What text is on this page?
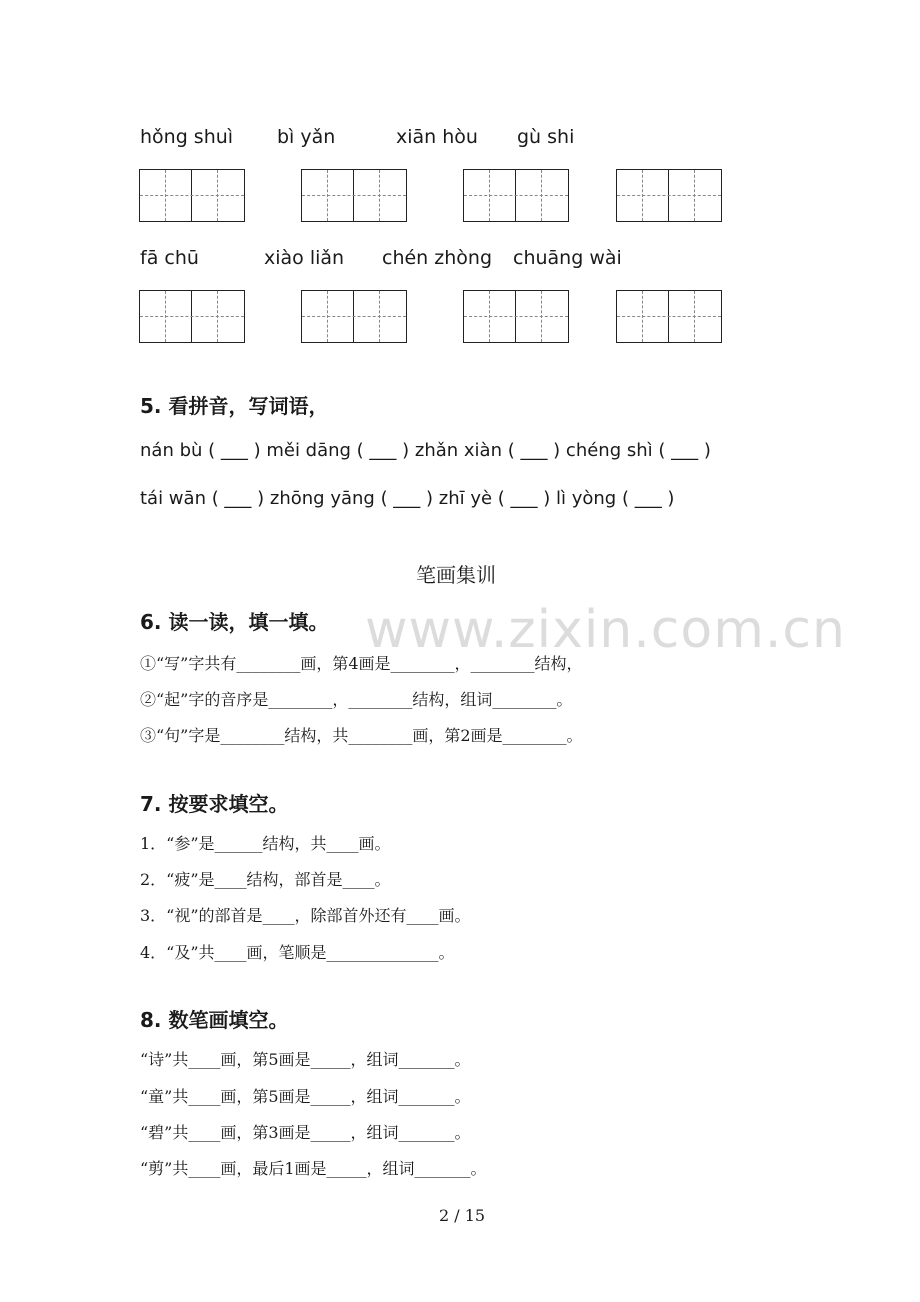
www.zixin.com.cn
hǒng shuì bì yǎn	xiān hòu gù shi
fā chū	xiào liǎn chén zhòng chuāng wài
5. 看拼音，写词语，
nán bù ( ___ ) měi dāng ( ___ ) zhǎn xiàn ( ___ ) chéng shì ( ___ )
tái wān ( ___ ) zhōng yāng ( ___ ) zhī yè ( ___ ) lì yòng ( ___ )
笔画集训
6. 读一读，填一填。
①“写”字共有________画，第4画是________，________结构，
②“起”字的音序是________，________结构，组词________。
③“句”字是________结构，共________画，第2画是________。
7. 按要求填空。
1．“参”是______结构，共____画。
2．“疲”是____结构，部首是____。
3．“视”的部首是____，除部首外还有____画。
4．“及”共____画，笔顺是______________。
8. 数笔画填空。
“诗”共____画，第5画是_____，组词_______。
“童”共____画，第5画是_____，组词_______。
“碧”共____画，第3画是_____，组词_______。
“剪”共____画，最后1画是_____，组词_______。
2 / 15
